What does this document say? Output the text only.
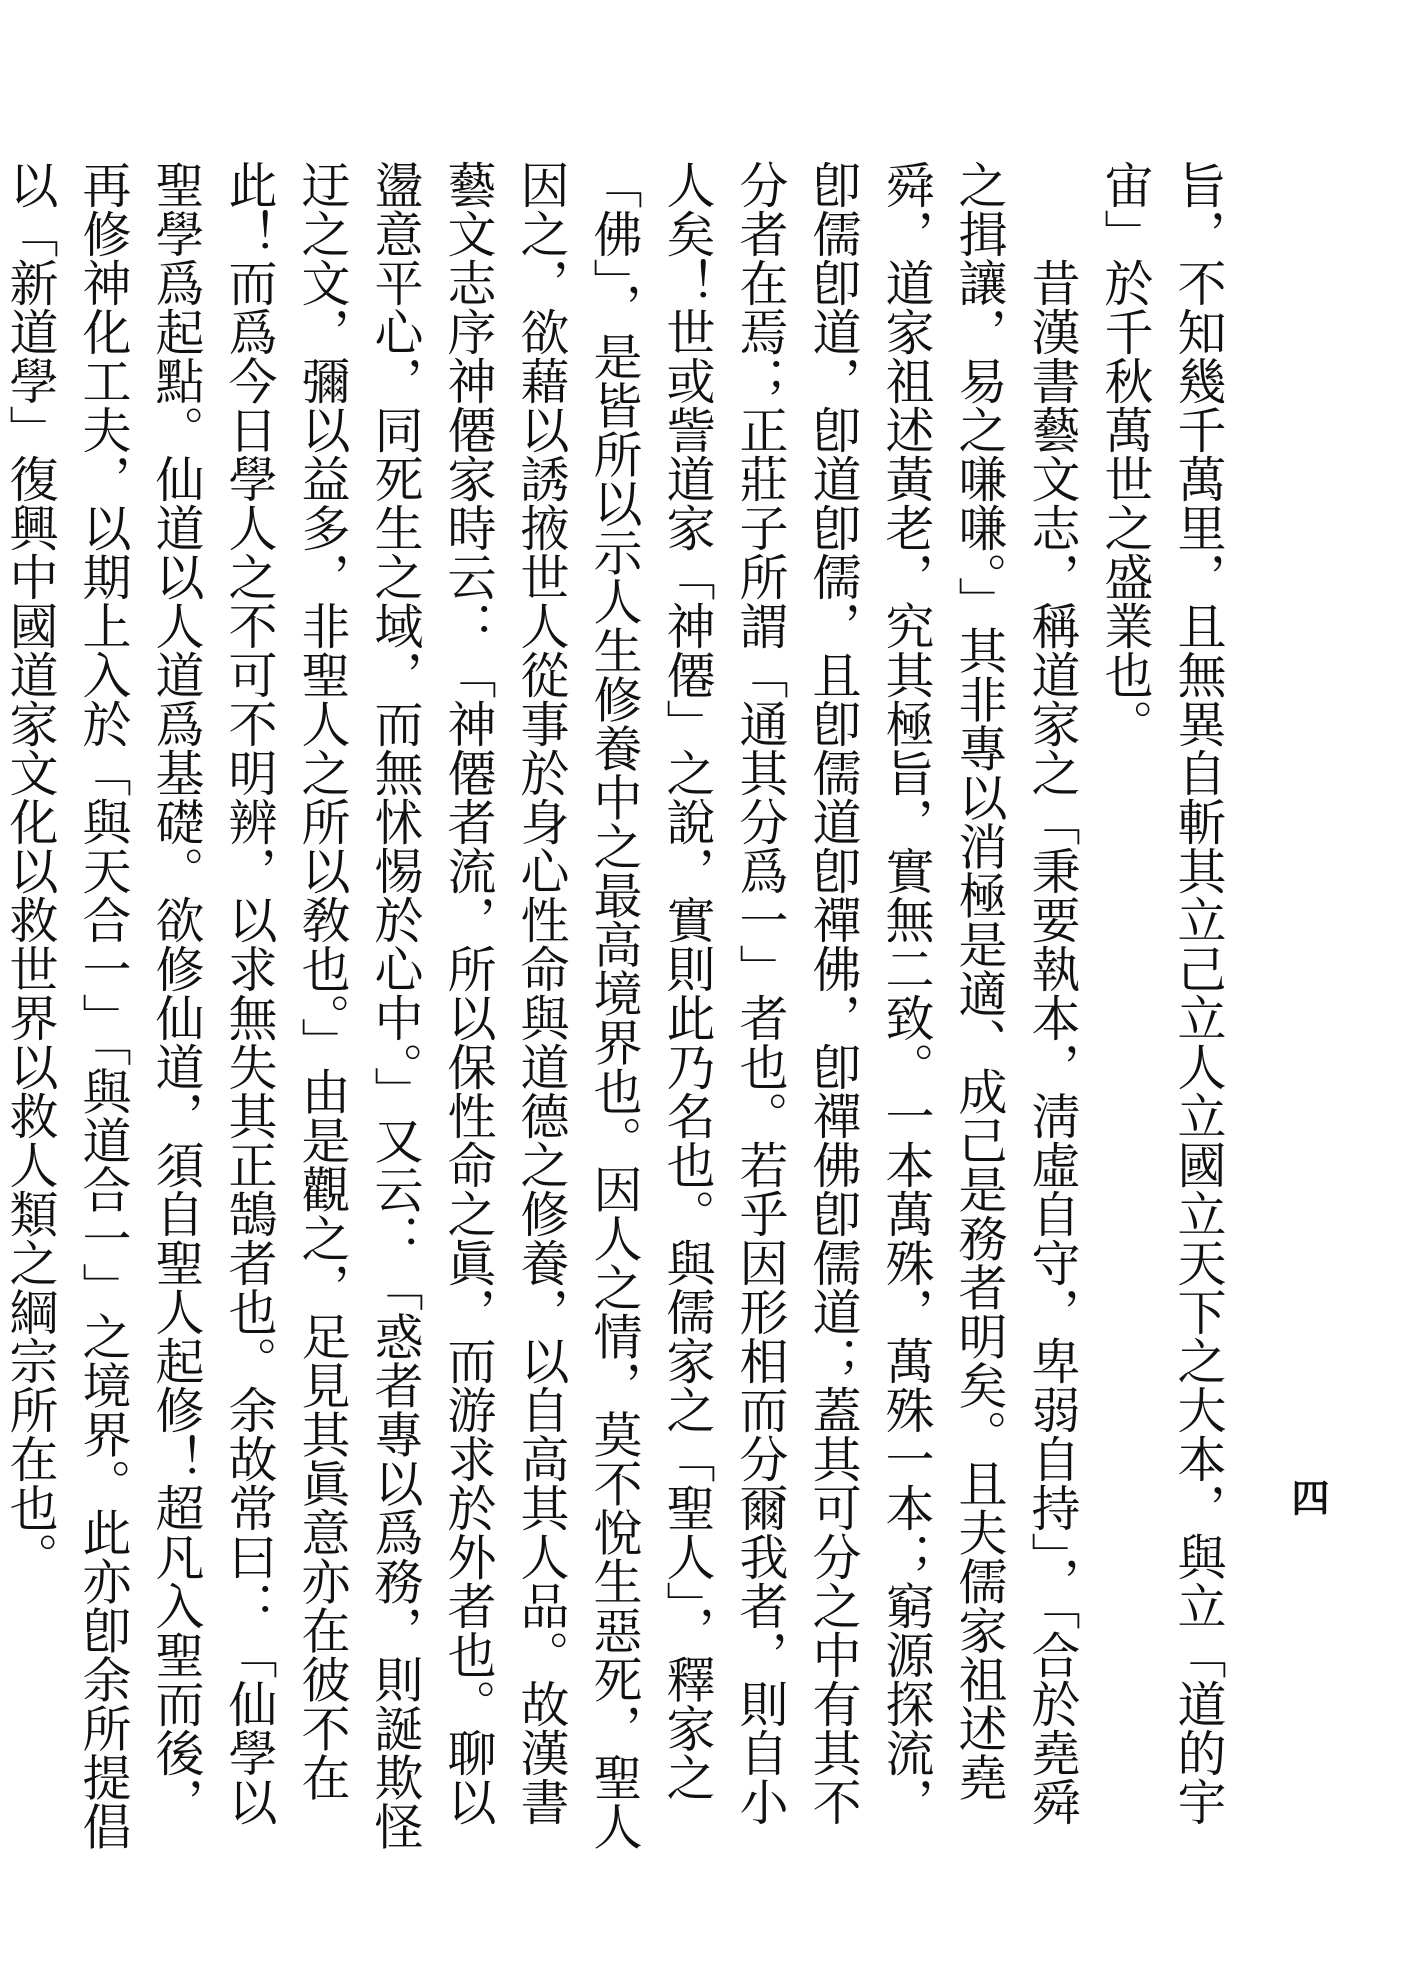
四

旨，不知幾千萬里，且無異自斬其立己立人立國立天下之大本，與立「道的宇宙」於千秋萬世之盛業也。

昔漢書藝文志，稱道家之「秉要執本，淸虛自守，卑弱自持」，「合於堯舜之揖讓，易之嗛嗛。」其非專以消極是適、成己是務者明矣。且夫儒家祖述堯舜，道家祖述黃老，究其極旨，實無二致。一本萬殊，萬殊一本；窮源探流，卽儒卽道，卽道卽儒，且卽儒道卽禪佛，卽禪佛卽儒道；蓋其可分之中有其不分者在焉；正莊子所謂「通其分爲一」者也。若乎因形相而分爾我者，則自小人矣！世或訾道家「神僊」之說，實則此乃名也。與儒家之「聖人」，釋家之「佛」，是皆所以示人生修養中之最高境界也。因人之情，莫不悅生惡死，聖人因之，欲藉以誘掖世人從事於身心性命與道德之修養，以自高其人品。故漢書藝文志序神僊家時云：「神僊者流，所以保性命之眞，而游求於外者也。聊以盪意平心，同死生之域，而無怵惕於心中。」又云：「惑者專以爲務，則誕欺怪迂之文，彌以益多，非聖人之所以敎也。」由是觀之，足見其眞意亦在彼不在此！而爲今日學人之不可不明辨，以求無失其正鵠者也。余故常曰：「仙學以聖學爲起點。仙道以人道爲基礎。欲修仙道，須自聖人起修！超凡入聖而後，再修神化工夫，以期上入於「與天合一」「與道合一」之境界。此亦卽余所提倡以「新道學」復興中國道家文化以救世界以救人類之綱宗所在也。
